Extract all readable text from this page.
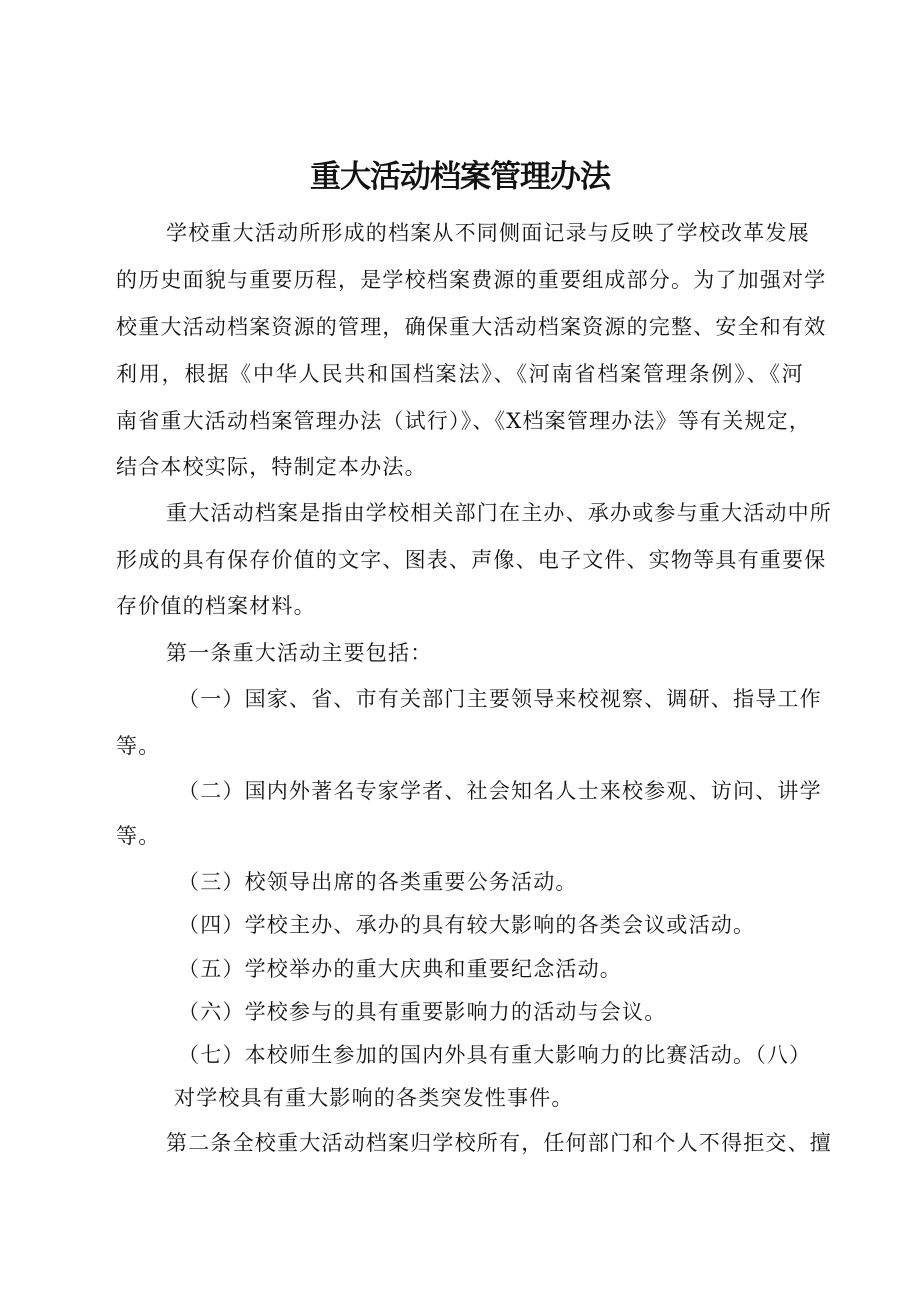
重大活动档案管理办法

学校重大活动所形成的档案从不同侧面记录与反映了学校改革发展

的历史面貌与重要历程，是学校档案费源的重要组成部分。为了加强对学

校重大活动档案资源的管理，确保重大活动档案资源的完整、安全和有效

利用，根据《中华人民共和国档案法》、《河南省档案管理条例》、《河

南省重大活动档案管理办法（试行）》、《X档案管理办法》等有关规定，

结合本校实际，特制定本办法。

重大活动档案是指由学校相关部门在主办、承办或参与重大活动中所

形成的具有保存价值的文字、图表、声像、电子文件、实物等具有重要保

存价值的档案材料。

第一条重大活动主要包括：

（一）国家、省、市有关部门主要领导来校视察、调研、指导工作

等。

（二）国内外著名专家学者、社会知名人士来校参观、访问、讲学

等。

（三）校领导出席的各类重要公务活动。

（四）学校主办、承办的具有较大影响的各类会议或活动。

（五）学校举办的重大庆典和重要纪念活动。

（六）学校参与的具有重要影响力的活动与会议。

（七）本校师生参加的国内外具有重大影响力的比赛活动。（八）

对学校具有重大影响的各类突发性事件。

第二条全校重大活动档案归学校所有，任何部门和个人不得拒交、擅
